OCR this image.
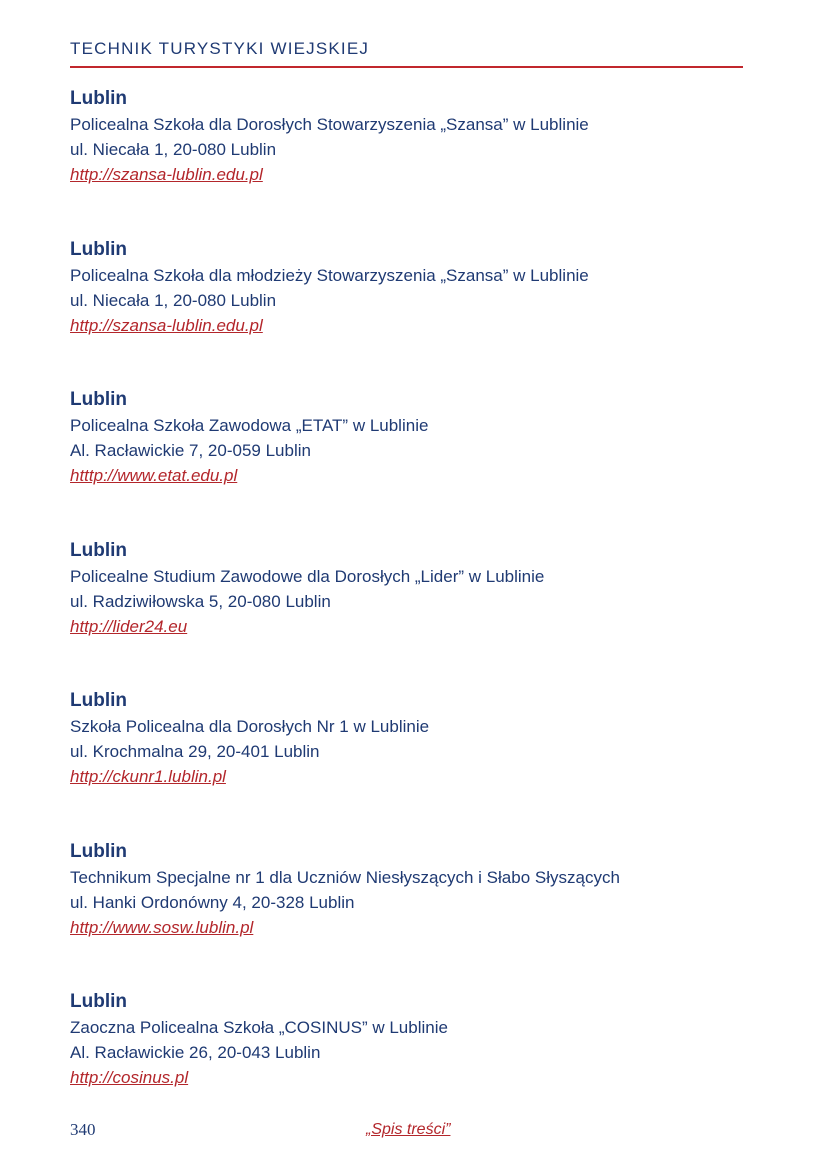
TECHNIK TURYSTYKI WIEJSKIEJ
Lublin
Policealna Szkoła dla Dorosłych Stowarzyszenia „Szansa” w Lublinie
ul. Niecała 1, 20-080 Lublin
http://szansa-lublin.edu.pl
Lublin
Policealna Szkoła dla młodzieży Stowarzyszenia „Szansa” w Lublinie
ul. Niecała 1, 20-080 Lublin
http://szansa-lublin.edu.pl
Lublin
Policealna Szkoła Zawodowa „ETAT” w Lublinie
Al. Racławickie 7, 20-059 Lublin
htttp://www.etat.edu.pl
Lublin
Policealne Studium Zawodowe dla Dorosłych „Lider” w Lublinie
ul. Radziwiłowska 5, 20-080 Lublin
http://lider24.eu
Lublin
Szkoła Policealna dla Dorosłych Nr 1 w Lublinie
ul. Krochmalna 29, 20-401 Lublin
http://ckunr1.lublin.pl
Lublin
Technikum Specjalne nr 1 dla Uczniów Niesłyszących i Słabo Słyszących
ul. Hanki Ordonówny 4, 20-328 Lublin
http://www.sosw.lublin.pl
Lublin
Zaoczna Policealna Szkoła „COSINUS” w Lublinie
Al. Racławickie 26, 20-043 Lublin
http://cosinus.pl
340	„Spis treści”
